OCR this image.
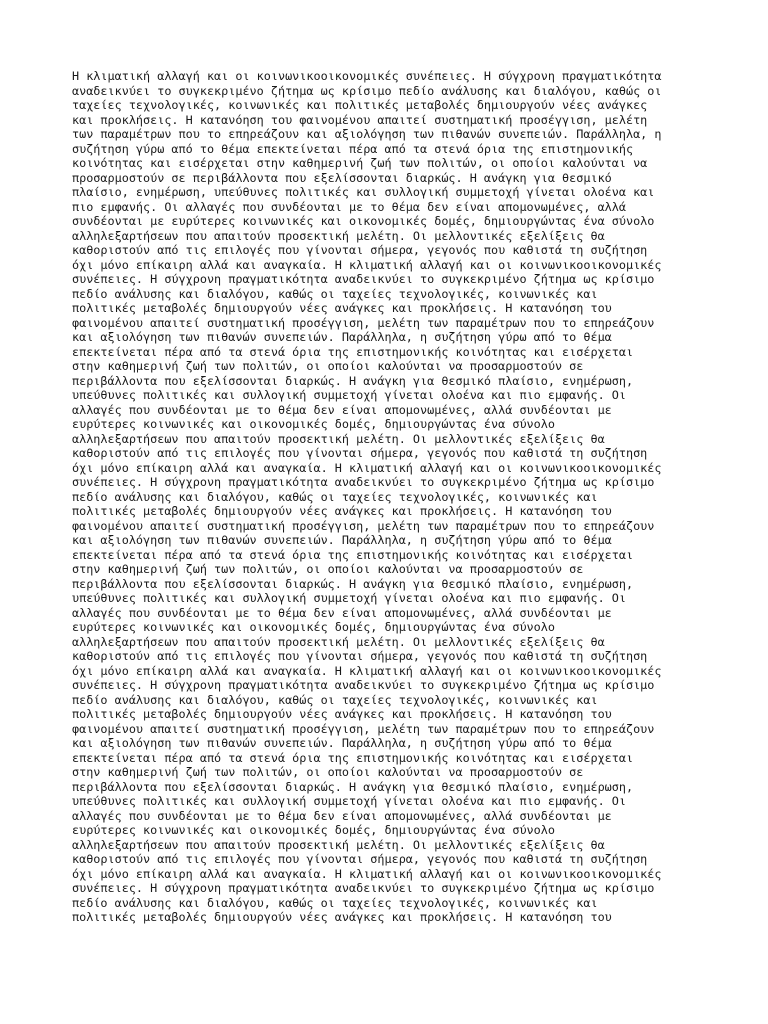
Η κλιματική αλλαγή και οι κοινωνικοοικονομικές συνέπειες. Η σύγχρονη πραγματικότητα
αναδεικνύει το συγκεκριμένο ζήτημα ως κρίσιμο πεδίο ανάλυσης και διαλόγου, καθώς οι
ταχείες τεχνολογικές, κοινωνικές και πολιτικές μεταβολές δημιουργούν νέες ανάγκες
και προκλήσεις. Η κατανόηση του φαινομένου απαιτεί συστηματική προσέγγιση, μελέτη
των παραμέτρων που το επηρεάζουν και αξιολόγηση των πιθανών συνεπειών. Παράλληλα, η
συζήτηση γύρω από το θέμα επεκτείνεται πέρα από τα στενά όρια της επιστημονικής
κοινότητας και εισέρχεται στην καθημερινή ζωή των πολιτών, οι οποίοι καλούνται να
προσαρμοστούν σε περιβάλλοντα που εξελίσσονται διαρκώς. Η ανάγκη για θεσμικό
πλαίσιο, ενημέρωση, υπεύθυνες πολιτικές και συλλογική συμμετοχή γίνεται ολοένα και
πιο εμφανής. Οι αλλαγές που συνδέονται με το θέμα δεν είναι απομονωμένες, αλλά
συνδέονται με ευρύτερες κοινωνικές και οικονομικές δομές, δημιουργώντας ένα σύνολο
αλληλεξαρτήσεων που απαιτούν προσεκτική μελέτη. Οι μελλοντικές εξελίξεις θα
καθοριστούν από τις επιλογές που γίνονται σήμερα, γεγονός που καθιστά τη συζήτηση
όχι μόνο επίκαιρη αλλά και αναγκαία. Η κλιματική αλλαγή και οι κοινωνικοοικονομικές
συνέπειες. Η σύγχρονη πραγματικότητα αναδεικνύει το συγκεκριμένο ζήτημα ως κρίσιμο
πεδίο ανάλυσης και διαλόγου, καθώς οι ταχείες τεχνολογικές, κοινωνικές και
πολιτικές μεταβολές δημιουργούν νέες ανάγκες και προκλήσεις. Η κατανόηση του
φαινομένου απαιτεί συστηματική προσέγγιση, μελέτη των παραμέτρων που το επηρεάζουν
και αξιολόγηση των πιθανών συνεπειών. Παράλληλα, η συζήτηση γύρω από το θέμα
επεκτείνεται πέρα από τα στενά όρια της επιστημονικής κοινότητας και εισέρχεται
στην καθημερινή ζωή των πολιτών, οι οποίοι καλούνται να προσαρμοστούν σε
περιβάλλοντα που εξελίσσονται διαρκώς. Η ανάγκη για θεσμικό πλαίσιο, ενημέρωση,
υπεύθυνες πολιτικές και συλλογική συμμετοχή γίνεται ολοένα και πιο εμφανής. Οι
αλλαγές που συνδέονται με το θέμα δεν είναι απομονωμένες, αλλά συνδέονται με
ευρύτερες κοινωνικές και οικονομικές δομές, δημιουργώντας ένα σύνολο
αλληλεξαρτήσεων που απαιτούν προσεκτική μελέτη. Οι μελλοντικές εξελίξεις θα
καθοριστούν από τις επιλογές που γίνονται σήμερα, γεγονός που καθιστά τη συζήτηση
όχι μόνο επίκαιρη αλλά και αναγκαία. Η κλιματική αλλαγή και οι κοινωνικοοικονομικές
συνέπειες. Η σύγχρονη πραγματικότητα αναδεικνύει το συγκεκριμένο ζήτημα ως κρίσιμο
πεδίο ανάλυσης και διαλόγου, καθώς οι ταχείες τεχνολογικές, κοινωνικές και
πολιτικές μεταβολές δημιουργούν νέες ανάγκες και προκλήσεις. Η κατανόηση του
φαινομένου απαιτεί συστηματική προσέγγιση, μελέτη των παραμέτρων που το επηρεάζουν
και αξιολόγηση των πιθανών συνεπειών. Παράλληλα, η συζήτηση γύρω από το θέμα
επεκτείνεται πέρα από τα στενά όρια της επιστημονικής κοινότητας και εισέρχεται
στην καθημερινή ζωή των πολιτών, οι οποίοι καλούνται να προσαρμοστούν σε
περιβάλλοντα που εξελίσσονται διαρκώς. Η ανάγκη για θεσμικό πλαίσιο, ενημέρωση,
υπεύθυνες πολιτικές και συλλογική συμμετοχή γίνεται ολοένα και πιο εμφανής. Οι
αλλαγές που συνδέονται με το θέμα δεν είναι απομονωμένες, αλλά συνδέονται με
ευρύτερες κοινωνικές και οικονομικές δομές, δημιουργώντας ένα σύνολο
αλληλεξαρτήσεων που απαιτούν προσεκτική μελέτη. Οι μελλοντικές εξελίξεις θα
καθοριστούν από τις επιλογές που γίνονται σήμερα, γεγονός που καθιστά τη συζήτηση
όχι μόνο επίκαιρη αλλά και αναγκαία. Η κλιματική αλλαγή και οι κοινωνικοοικονομικές
συνέπειες. Η σύγχρονη πραγματικότητα αναδεικνύει το συγκεκριμένο ζήτημα ως κρίσιμο
πεδίο ανάλυσης και διαλόγου, καθώς οι ταχείες τεχνολογικές, κοινωνικές και
πολιτικές μεταβολές δημιουργούν νέες ανάγκες και προκλήσεις. Η κατανόηση του
φαινομένου απαιτεί συστηματική προσέγγιση, μελέτη των παραμέτρων που το επηρεάζουν
και αξιολόγηση των πιθανών συνεπειών. Παράλληλα, η συζήτηση γύρω από το θέμα
επεκτείνεται πέρα από τα στενά όρια της επιστημονικής κοινότητας και εισέρχεται
στην καθημερινή ζωή των πολιτών, οι οποίοι καλούνται να προσαρμοστούν σε
περιβάλλοντα που εξελίσσονται διαρκώς. Η ανάγκη για θεσμικό πλαίσιο, ενημέρωση,
υπεύθυνες πολιτικές και συλλογική συμμετοχή γίνεται ολοένα και πιο εμφανής. Οι
αλλαγές που συνδέονται με το θέμα δεν είναι απομονωμένες, αλλά συνδέονται με
ευρύτερες κοινωνικές και οικονομικές δομές, δημιουργώντας ένα σύνολο
αλληλεξαρτήσεων που απαιτούν προσεκτική μελέτη. Οι μελλοντικές εξελίξεις θα
καθοριστούν από τις επιλογές που γίνονται σήμερα, γεγονός που καθιστά τη συζήτηση
όχι μόνο επίκαιρη αλλά και αναγκαία. Η κλιματική αλλαγή και οι κοινωνικοοικονομικές
συνέπειες. Η σύγχρονη πραγματικότητα αναδεικνύει το συγκεκριμένο ζήτημα ως κρίσιμο
πεδίο ανάλυσης και διαλόγου, καθώς οι ταχείες τεχνολογικές, κοινωνικές και
πολιτικές μεταβολές δημιουργούν νέες ανάγκες και προκλήσεις. Η κατανόηση του
